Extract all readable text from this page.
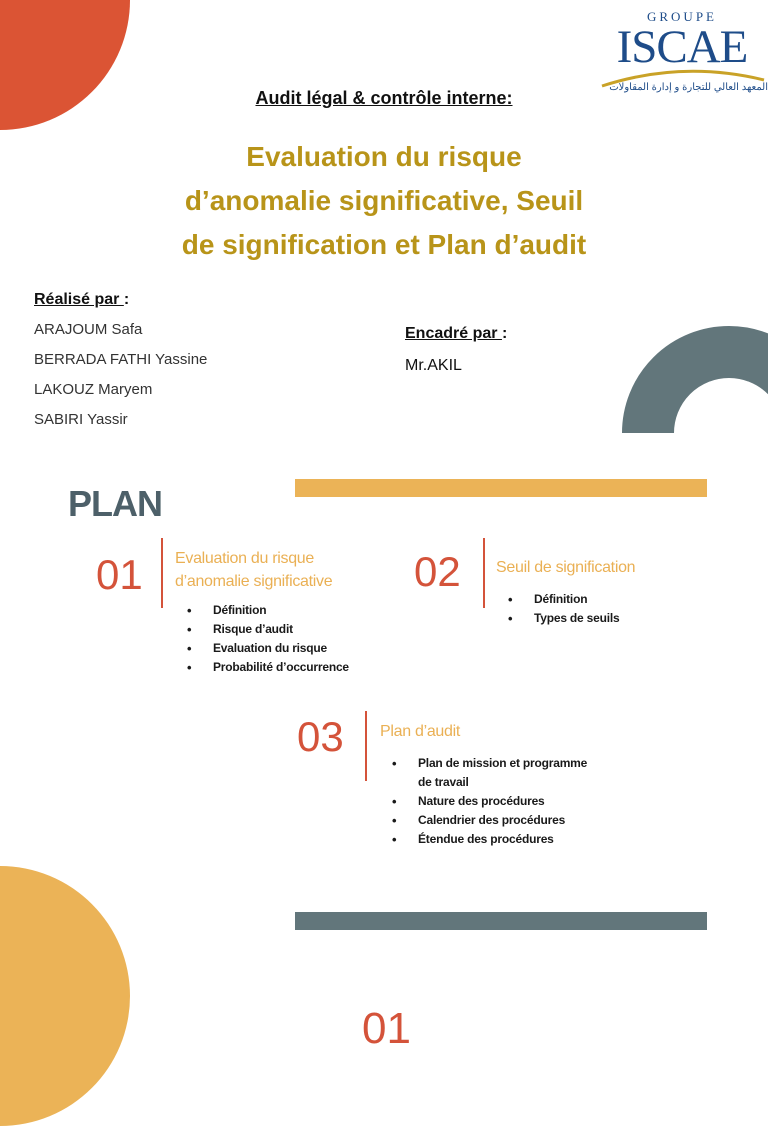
GROUPE
ISCAE
المعهد العالي للتجارة و إدارة المقاولات
Audit légal & contrôle interne:
Evaluation du risque
d’anomalie significative, Seuil
de signification et Plan d’audit
Réalisé par :
ARAJOUM Safa
BERRADA FATHI Yassine
LAKOUZ Maryem
SABIRI Yassir
Encadré par :
Mr.AKIL
PLAN
01 Evaluation du risque
d’anomalie significative
• Définition
• Risque d’audit
• Evaluation du risque
• Probabilité d’occurrence
02 Seuil de signification
• Définition
• Types de seuils
03 Plan d’audit
• Plan de mission et programme de travail
• Nature des procédures
• Calendrier des procédures
• Étendue des procédures
01
